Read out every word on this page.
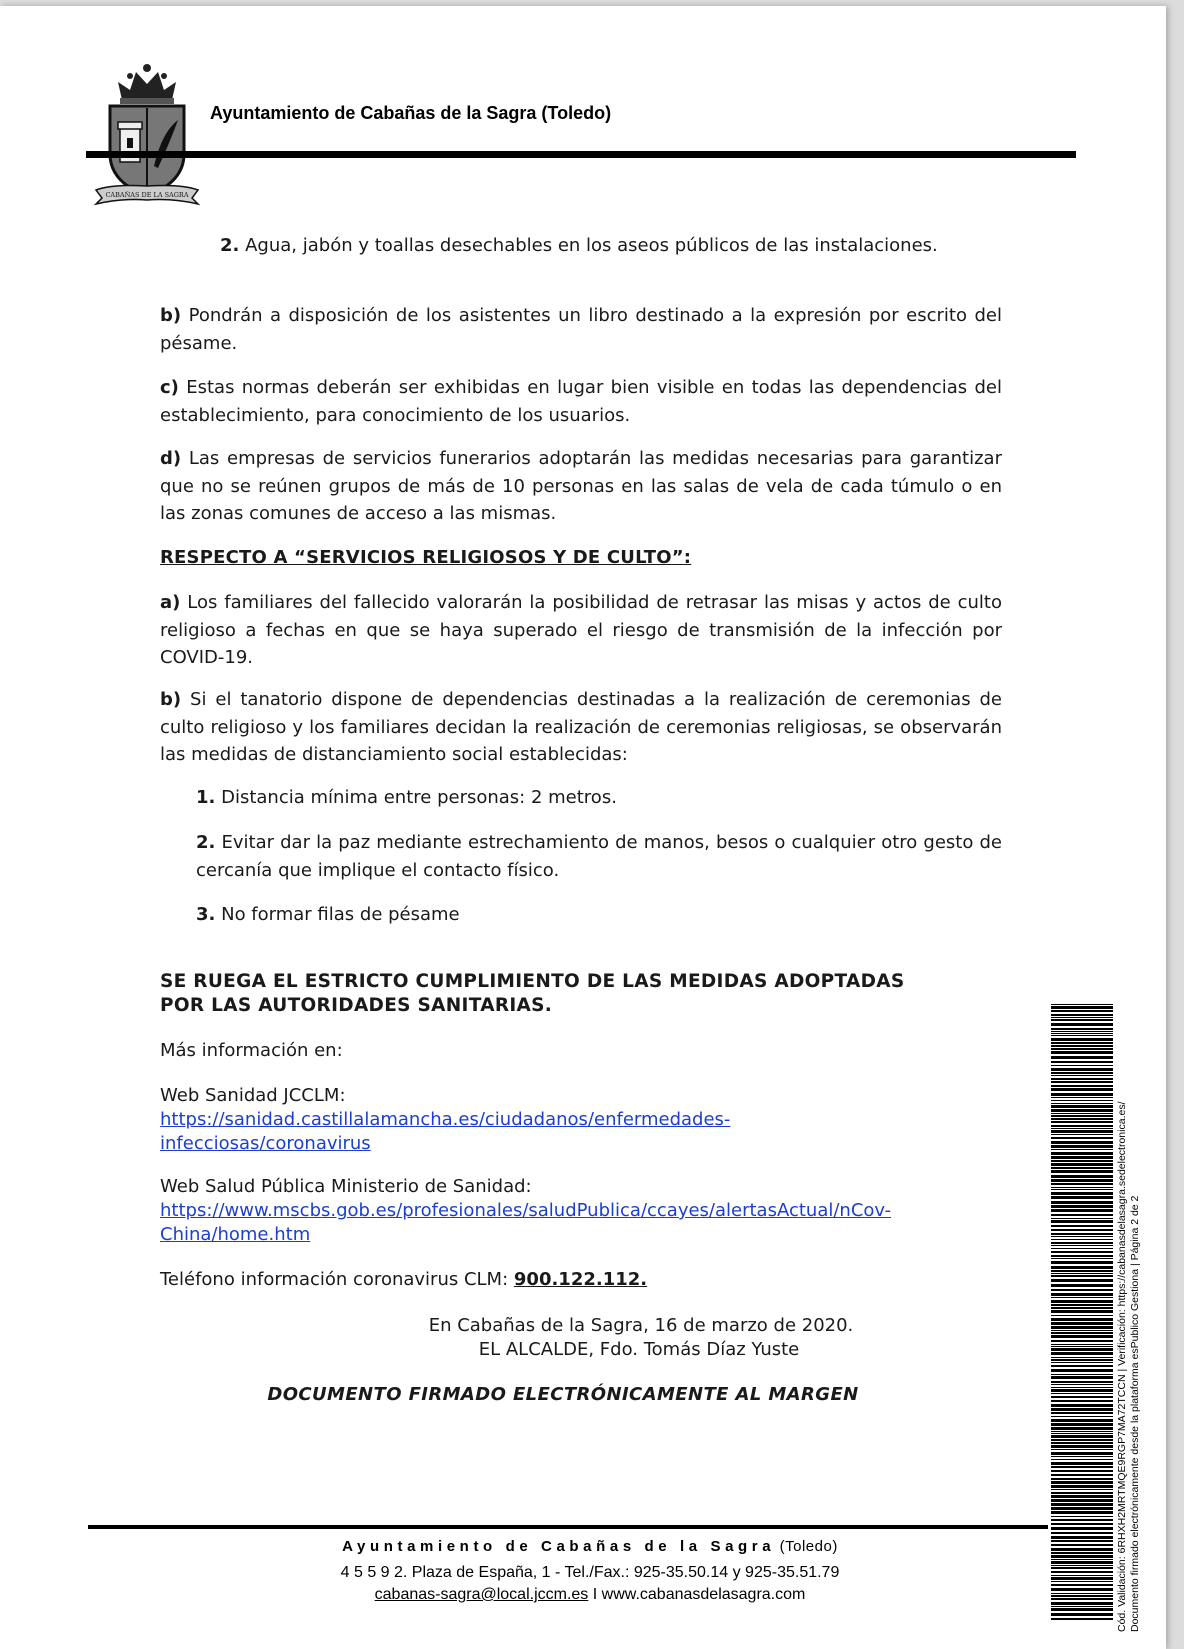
CABAÑAS DE LA SAGRA
Ayuntamiento de Cabañas de la Sagra (Toledo)
2. Agua, jabón y toallas desechables en los aseos públicos de las instalaciones.
b) Pondrán a disposición de los asistentes un libro destinado a la expresión por escrito del pésame.
c) Estas normas deberán ser exhibidas en lugar bien visible en todas las dependencias del establecimiento, para conocimiento de los usuarios.
d) Las empresas de servicios funerarios adoptarán las medidas necesarias para garantizar que no se reúnen grupos de más de 10 personas en las salas de vela de cada túmulo o en las zonas comunes de acceso a las mismas.
RESPECTO A “SERVICIOS RELIGIOSOS Y DE CULTO”:
a) Los familiares del fallecido valorarán la posibilidad de retrasar las misas y actos de culto religioso a fechas en que se haya superado el riesgo de transmisión de la infección por COVID-19.
b) Si el tanatorio dispone de dependencias destinadas a la realización de ceremonias de culto religioso y los familiares decidan la realización de ceremonias religiosas, se observarán las medidas de distanciamiento social establecidas:
1. Distancia mínima entre personas: 2 metros.
2. Evitar dar la paz mediante estrechamiento de manos, besos o cualquier otro gesto de cercanía que implique el contacto físico.
3. No formar filas de pésame
SE RUEGA EL ESTRICTO CUMPLIMIENTO DE LAS MEDIDAS ADOPTADAS
POR LAS AUTORIDADES SANITARIAS.
Más información en:
Web Sanidad JCCLM:
https://sanidad.castillalamancha.es/ciudadanos/enfermedades-
infecciosas/coronavirus
Web Salud Pública Ministerio de Sanidad:
https://www.mscbs.gob.es/profesionales/saludPublica/ccayes/alertasActual/nCov-
China/home.htm
Teléfono información coronavirus CLM: 900.122.112.
En Cabañas de la Sagra, 16 de marzo de 2020.
EL ALCALDE, Fdo. Tomás Díaz Yuste
DOCUMENTO FIRMADO ELECTRÓNICAMENTE AL MARGEN
Ayuntamiento de Cabañas de la Sagra (Toledo)
4 5 5 9 2. Plaza de España, 1 - Tel./Fax.: 925-35.50.14 y 925-35.51.79
cabanas-sagra@local.jccm.es I www.cabanasdelasagra.com	Cód. Validación: 6RHXH2MRTMQE9RGP7MA72TCCN | Verificación: https://cabanasdelasagra.sedelectronica.es/ Documento firmado electrónicamente desde la plataforma esPublico Gestiona | Página 2 de 2
